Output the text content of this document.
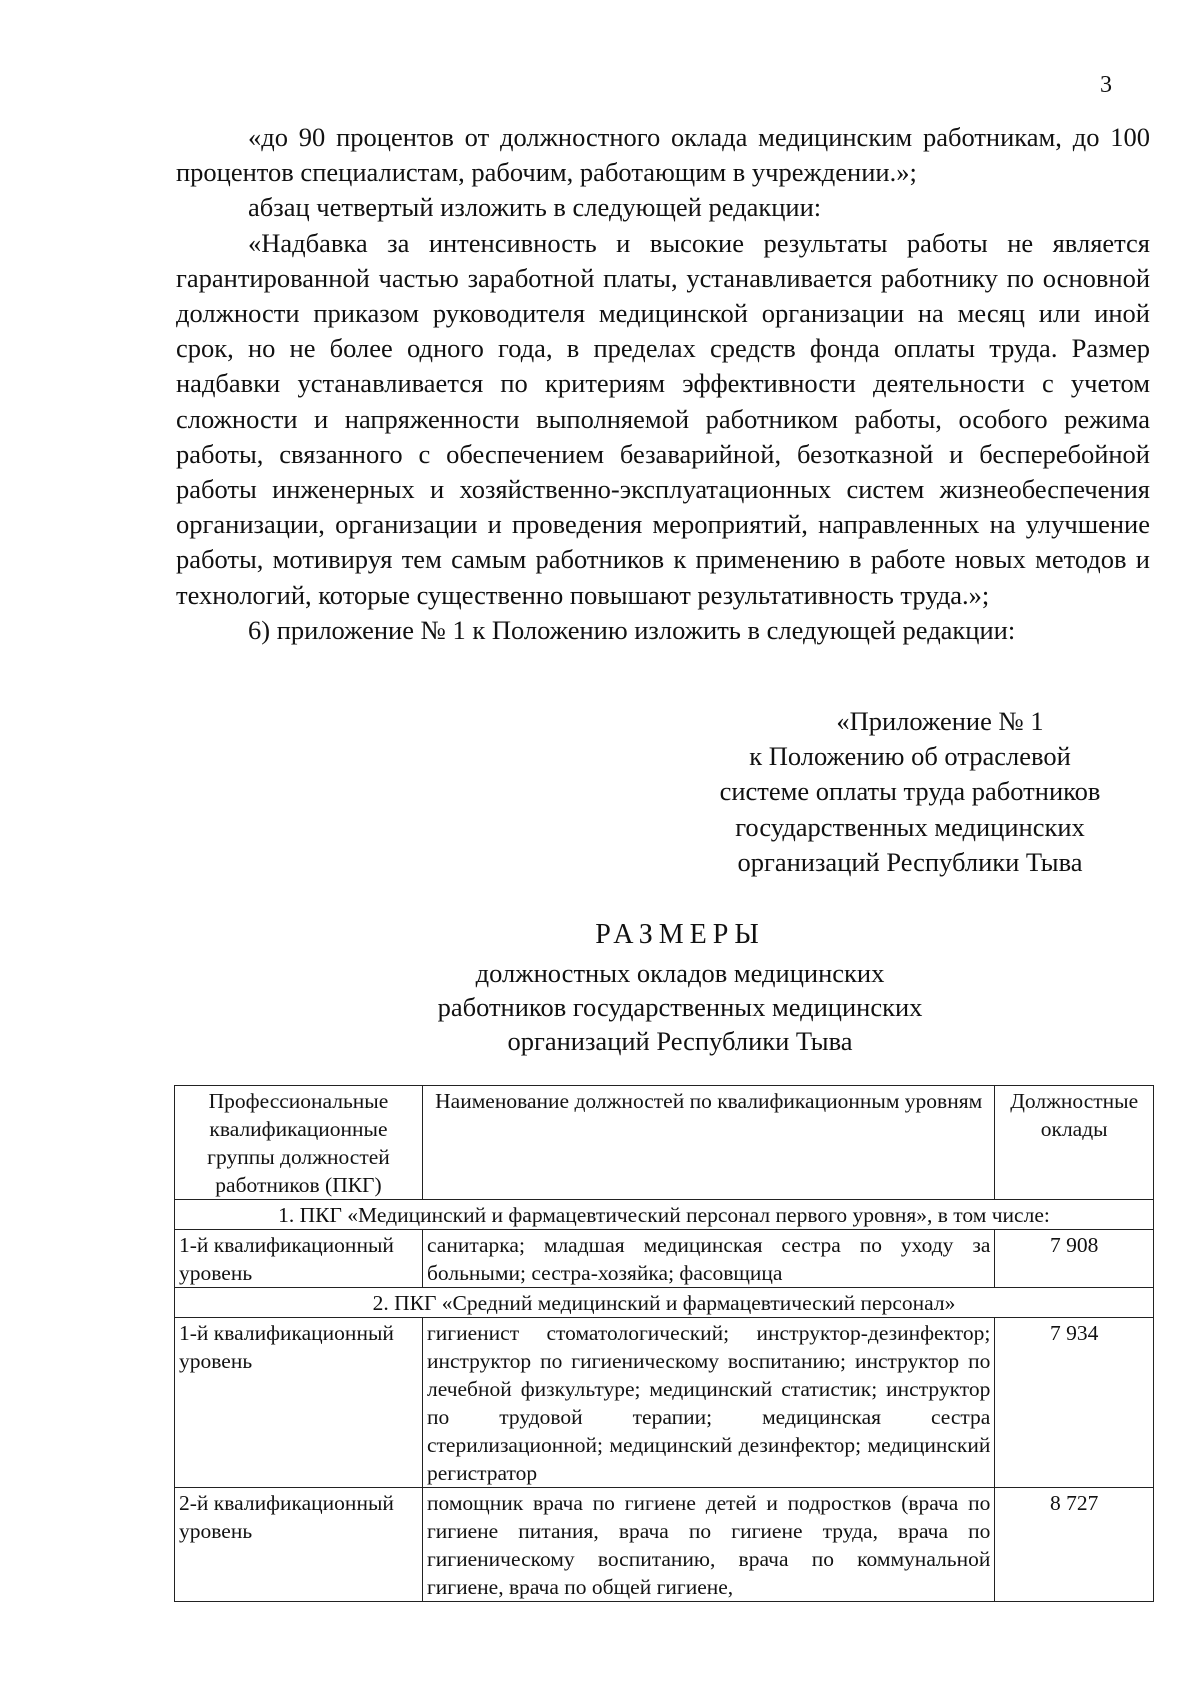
3

«до 90 процентов от должностного оклада медицинским работникам, до 100 процентов специалистам, рабочим, работающим в учреждении.»;

абзац четвертый изложить в следующей редакции:

«Надбавка за интенсивность и высокие результаты работы не является гарантированной частью заработной платы, устанавливается работнику по основной должности приказом руководителя медицинской организации на месяц или иной срок, но не более одного года, в пределах средств фонда оплаты труда. Размер надбавки устанавливается по критериям эффективности деятельности с учетом сложности и напряженности выполняемой работником работы, особого режима работы, связанного с обеспечением безаварийной, безотказной и бесперебойной работы инженерных и хозяйственно-эксплуатационных систем жизнеобеспечения организации, организации и проведения мероприятий, направленных на улучшение работы, мотивируя тем самым работников к применению в работе новых методов и технологий, которые существенно повышают результативность труда.»;

6) приложение № 1 к Положению изложить в следующей редакции:

«Приложение № 1
к Положению об отраслевой
системе оплаты труда работников
государственных медицинских
организаций Республики Тыва
РАЗМЕРЫ
должностных окладов медицинских
работников государственных медицинских
организаций Республики Тыва
Профессиональные квалификационные группы должностей работников (ПКГ)	Наименование должностей по квалификационным уровням	Должностные оклады
1. ПКГ «Медицинский и фармацевтический персонал первого уровня», в том числе:		
1-й квалификационный уровень	санитарка; младшая медицинская сестра по уходу за больными; сестра-хозяйка; фасовщица	7 908
2. ПКГ «Средний медицинский и фармацевтический персонал»		
1-й квалификационный уровень	гигиенист стоматологический; инструктор-дезинфектор; инструктор по гигиеническому воспитанию; инструктор по лечебной физкультуре; медицинский статистик; инструктор по трудовой терапии; медицинская сестра стерилизационной; медицинский дезинфектор; медицинский регистратор	7 934
2-й квалификационный уровень	помощник врача по гигиене детей и подростков (врача по гигиене питания, врача по гигиене труда, врача по гигиеническому воспитанию, врача по коммунальной гигиене, врача по общей гигиене,	8 727
